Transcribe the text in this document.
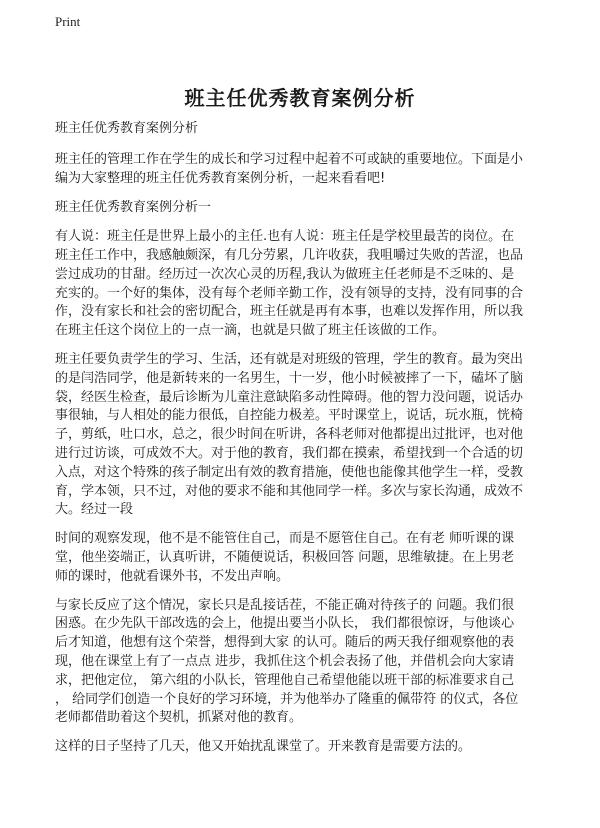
Print
班主任优秀教育案例分析

班主任优秀教育案例分析

班主任的管理工作在学生的成长和学习过程中起着不可或缺的重要地位。下面是小
编为大家整理的班主任优秀教育案例分析，一起来看看吧!

班主任优秀教育案例分析一

有人说：班主任是世界上最小的主任.也有人说：班主任是学校里最苦的岗位。在
班主任工作中，我感触颇深，有几分劳累，几许收获，我咀嚼过失败的苦涩，也品
尝过成功的甘甜。经历过一次次心灵的历程,我认为做班主任老师是不乏味的、是
充实的。一个好的集体，没有每个老师辛勤工作，没有领导的支持，没有同事的合
作，没有家长和社会的密切配合，班主任就是再有本事，也难以发挥作用，所以我
在班主任这个岗位上的一点一滴，也就是只做了班主任该做的工作。

班主任要负责学生的学习、生活，还有就是对班级的管理，学生的教育。最为突出
的是闫浩同学，他是新转来的一名男生，十一岁，他小时候被摔了一下，磕坏了脑
袋，经医生检查，最后诊断为儿童注意缺陷多动性障碍。他的智力没问题，说话办
事很轴，与人相处的能力很低，自控能力极差。平时课堂上，说话，玩水瓶，恍椅
子，剪纸，吐口水，总之，很少时间在听讲，各科老师对他都提出过批评，也对他
进行过访谈，可成效不大。对于他的教育，我们都在摸索，希望找到一个合适的切
入点，对这个特殊的孩子制定出有效的教育措施，使他也能像其他学生一样，受教
育，学本领，只不过，对他的要求不能和其他同学一样。多次与家长沟通，成效不
大。经过一段

时间的观察发现，他不是不能管住自己，而是不愿管住自己。在有老 师听课的课
堂，他坐姿端正，认真听讲，不随便说话，积极回答 问题，思维敏捷。在上男老
师的课时，他就看课外书，不发出声响。

与家长反应了这个情况，家长只是乱接话茬，不能正确对待孩子的 问题。我们很
困惑。在少先队干部改选的会上，他提出要当小队长， 我们都很惊讶，与他谈心
后才知道，他想有这个荣誉，想得到大家 的认可。随后的两天我仔细观察他的表
现，他在课堂上有了一点点 进步，我抓住这个机会表扬了他，并借机会向大家请
求，把他定位， 第六组的小队长，管理他自己希望他能以班干部的标准要求自己
， 给同学们创造一个良好的学习环境，并为他举办了隆重的佩带符 的仪式，各位
老师都借助着这个契机，抓紧对他的教育。

这样的日子坚持了几天，他又开始扰乱课堂了。开来教育是需要方法的。
